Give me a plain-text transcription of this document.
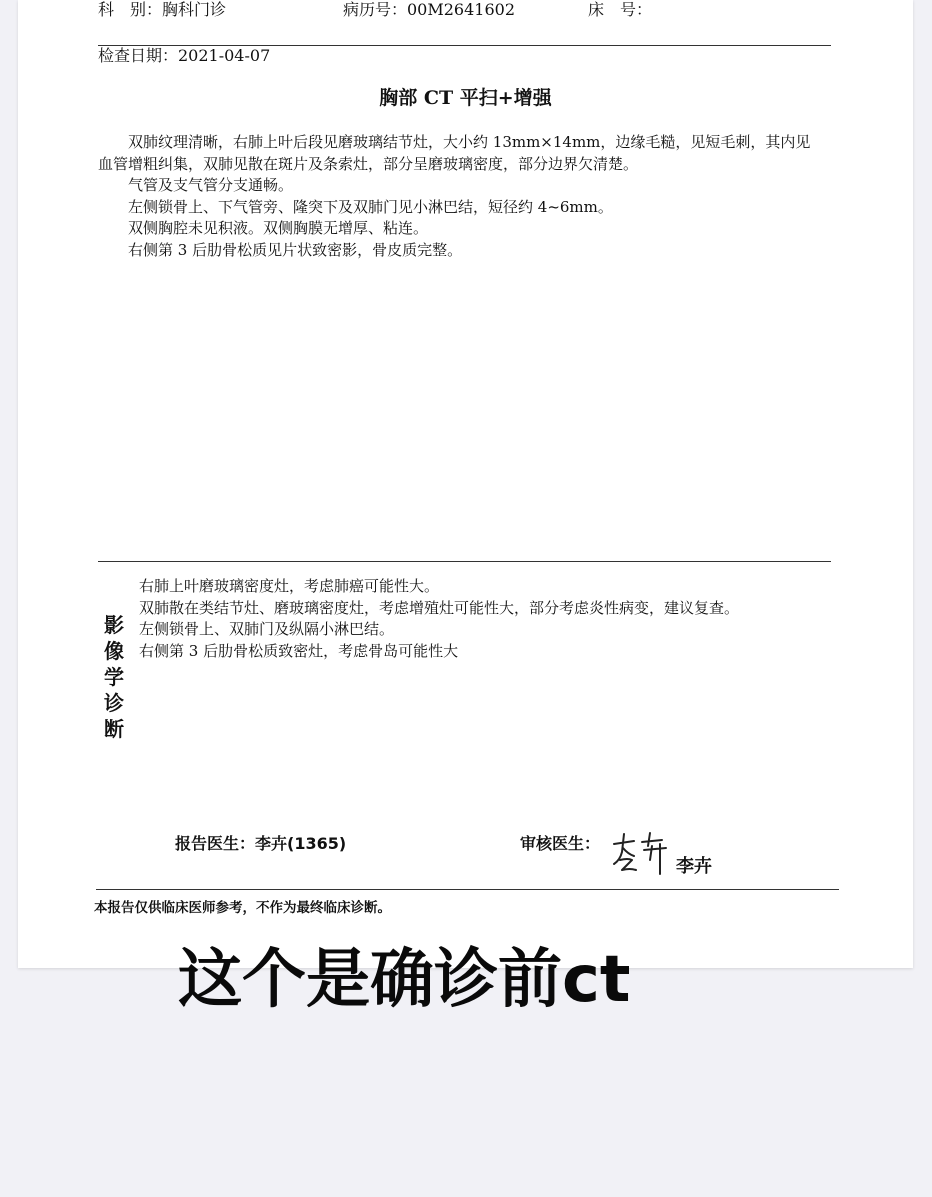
科　别：胸科门诊	病历号：00M2641602	床　号：
检查日期：2021-04-07
胸部 CT 平扫+增强

双肺纹理清晰，右肺上叶后段见磨玻璃结节灶，大小约 13mm×14mm，边缘毛糙，见短毛刺，其内见血管增粗纠集，双肺见散在斑片及条索灶，部分呈磨玻璃密度，部分边界欠清楚。

气管及支气管分支通畅。

左侧锁骨上、下气管旁、隆突下及双肺门见小淋巴结，短径约 4~6mm。

双侧胸腔未见积液。双侧胸膜无增厚、粘连。

右侧第 3 后肋骨松质见片状致密影，骨皮质完整。

影
像
学
诊
断

右肺上叶磨玻璃密度灶，考虑肺癌可能性大。

双肺散在类结节灶、磨玻璃密度灶，考虑增殖灶可能性大，部分考虑炎性病变，建议复查。

左侧锁骨上、双肺门及纵隔小淋巴结。

右侧第 3 后肋骨松质致密灶，考虑骨岛可能性大

报告医生：李卉(1365)	审核医生：
李卉
本报告仅供临床医师参考，不作为最终临床诊断。
这个是确诊前ct
